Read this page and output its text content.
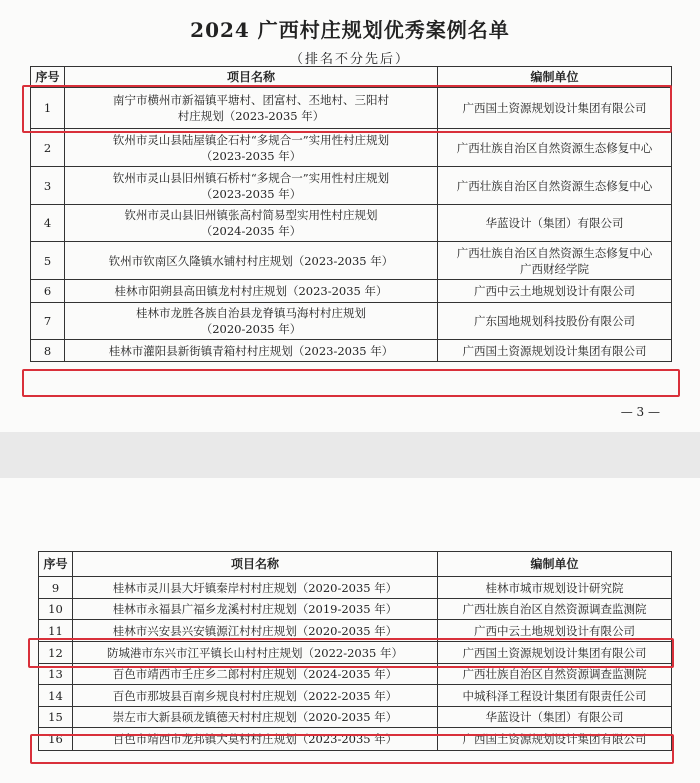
2024 广西村庄规划优秀案例名单
（排名不分先后）
序号	项目名称	编制单位
1	南宁市横州市新福镇平塘村、团富村、丕地村、三阳村
村庄规划（2023-2035 年）	广西国土资源规划设计集团有限公司
2	钦州市灵山县陆屋镇企石村“多规合一”实用性村庄规划
（2023-2035 年）	广西壮族自治区自然资源生态修复中心
3	钦州市灵山县旧州镇石桥村“多规合一”实用性村庄规划
（2023-2035 年）	广西壮族自治区自然资源生态修复中心
4	钦州市灵山县旧州镇张高村简易型实用性村庄规划
（2024-2035 年）	华蓝设计（集团）有限公司
5	钦州市钦南区久隆镇水铺村村庄规划（2023-2035 年）	广西壮族自治区自然资源生态修复中心
广西财经学院
6	桂林市阳朔县高田镇龙村村庄规划（2023-2035 年）	广西中云土地规划设计有限公司
7	桂林市龙胜各族自治县龙脊镇马海村村庄规划
（2020-2035 年）	广东国地规划科技股份有限公司
8	桂林市灌阳县新街镇青箱村村庄规划（2023-2035 年）	广西国土资源规划设计集团有限公司
— 3 —
序号	项目名称	编制单位
9	桂林市灵川县大圩镇秦岸村村庄规划（2020-2035 年）	桂林市城市规划设计研究院
10	桂林市永福县广福乡龙溪村村庄规划（2019-2035 年）	广西壮族自治区自然资源调查监测院
11	桂林市兴安县兴安镇源江村村庄规划（2020-2035 年）	广西中云土地规划设计有限公司
12	防城港市东兴市江平镇长山村村庄规划（2022-2035 年）	广西国土资源规划设计集团有限公司
13	百色市靖西市壬庄乡二郎村村庄规划（2024-2035 年）	广西壮族自治区自然资源调查监测院
14	百色市那坡县百南乡规良村村庄规划（2022-2035 年）	中城科泽工程设计集团有限责任公司
15	崇左市大新县硕龙镇德天村村庄规划（2020-2035 年）	华蓝设计（集团）有限公司
16	百色市靖西市龙邦镇大莫村村庄规划（2023-2035 年）	广西国土资源规划设计集团有限公司
